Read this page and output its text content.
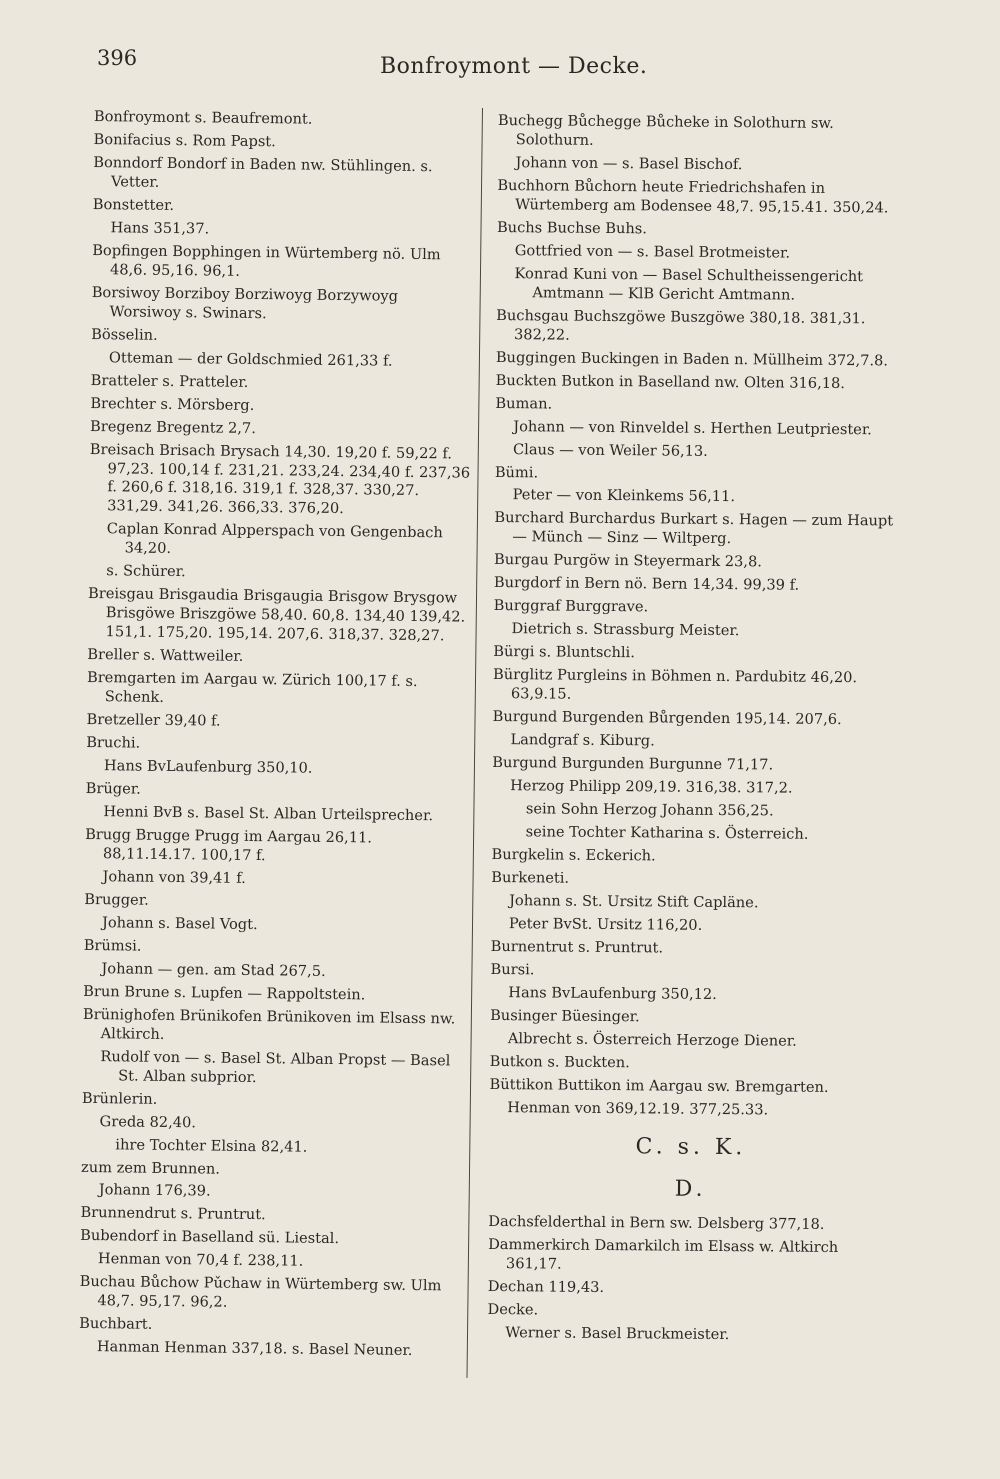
396	Bonfroymont — Decke.
Bonfroymont s. Beaufremont.
Bonifacius s. Rom Papst.
Bonndorf Bondorf in Baden nw. Stühlingen. s. Vetter.
Bonstetter.
Hans 351,37.
Bopfingen Bopphingen in Würtemberg nö. Ulm 48,6. 95,16. 96,1.
Borsiwoy Borziboy Borziwoyg Borzywoyg Worsiwoy s. Swinars.
Bösselin.
Otteman — der Goldschmied 261,33 f.
Bratteler s. Pratteler.
Brechter s. Mörsberg.
Bregenz Bregentz 2,7.
Breisach Brisach Brysach 14,30. 19,20 f. 59,22 f. 97,23. 100,14 f. 231,21. 233,24. 234,40 f. 237,36 f. 260,6 f. 318,16. 319,1 f. 328,37. 330,27. 331,29. 341,26. 366,33. 376,20.
Caplan Konrad Alpperspach von Gengenbach 34,20.
s. Schürer.
Breisgau Brisgaudia Brisgaugia Brisgow Brysgow Brisgöwe Briszgöwe 58,40. 60,8. 134,40 139,42. 151,1. 175,20. 195,14. 207,6. 318,37. 328,27.
Breller s. Wattweiler.
Bremgarten im Aargau w. Zürich 100,17 f. s. Schenk.
Bretzeller 39,40 f.
Bruchi.
Hans BvLaufenburg 350,10.
Brüger.
Henni BvB s. Basel St. Alban Urteilsprecher.
Brugg Brugge Prugg im Aargau 26,11. 88,11.14.17. 100,17 f.
Johann von 39,41 f.
Brugger.
Johann s. Basel Vogt.
Brümsi.
Johann — gen. am Stad 267,5.
Brun Brune s. Lupfen — Rappoltstein.
Brünighofen Brünikofen Brünikoven im Elsass nw. Altkirch.
Rudolf von — s. Basel St. Alban Propst — Basel St. Alban subprior.
Brünlerin.
Greda 82,40.
ihre Tochter Elsina 82,41.
zum zem Brunnen.
Johann 176,39.
Brunnendrut s. Pruntrut.
Bubendorf in Baselland sü. Liestal.
Henman von 70,4 f. 238,11.
Buchau Bůchow Pǔchaw in Würtemberg sw. Ulm 48,7. 95,17. 96,2.
Buchbart.
Hanman Henman 337,18. s. Basel Neuner.
Buchegg Bůchegge Bůcheke in Solothurn sw. Solothurn.
Johann von — s. Basel Bischof.
Buchhorn Bůchorn heute Friedrichshafen in Würtemberg am Bodensee 48,7. 95,15.41. 350,24.
Buchs Buchse Buhs.
Gottfried von — s. Basel Brotmeister.
Konrad Kuni von — Basel Schultheissengericht Amtmann — KlB Gericht Amtmann.
Buchsgau Buchszgöwe Buszgöwe 380,18. 381,31. 382,22.
Buggingen Buckingen in Baden n. Müllheim 372,7.8.
Buckten Butkon in Baselland nw. Olten 316,18.
Buman.
Johann — von Rinveldel s. Herthen Leutpriester.
Claus — von Weiler 56,13.
Bümi.
Peter — von Kleinkems 56,11.
Burchard Burchardus Burkart s. Hagen — zum Haupt — Münch — Sinz — Wiltperg.
Burgau Purgöw in Steyermark 23,8.
Burgdorf in Bern nö. Bern 14,34. 99,39 f.
Burggraf Burggrave.
Dietrich s. Strassburg Meister.
Bürgi s. Bluntschli.
Bürglitz Purgleins in Böhmen n. Pardubitz 46,20. 63,9.15.
Burgund Burgenden Bůrgenden 195,14. 207,6.
Landgraf s. Kiburg.
Burgund Burgunden Burgunne 71,17.
Herzog Philipp 209,19. 316,38. 317,2.
sein Sohn Herzog Johann 356,25.
seine Tochter Katharina s. Österreich.
Burgkelin s. Eckerich.
Burkeneti.
Johann s. St. Ursitz Stift Capläne.
Peter BvSt. Ursitz 116,20.
Burnentrut s. Pruntrut.
Bursi.
Hans BvLaufenburg 350,12.
Businger Büesinger.
Albrecht s. Österreich Herzoge Diener.
Butkon s. Buckten.
Büttikon Buttikon im Aargau sw. Bremgarten.
Henman von 369,12.19. 377,25.33.
C. s. K.
D.
Dachsfelderthal in Bern sw. Delsberg 377,18.
Dammerkirch Damarkilch im Elsass w. Altkirch 361,17.
Dechan 119,43.
Decke.
Werner s. Basel Bruckmeister.
